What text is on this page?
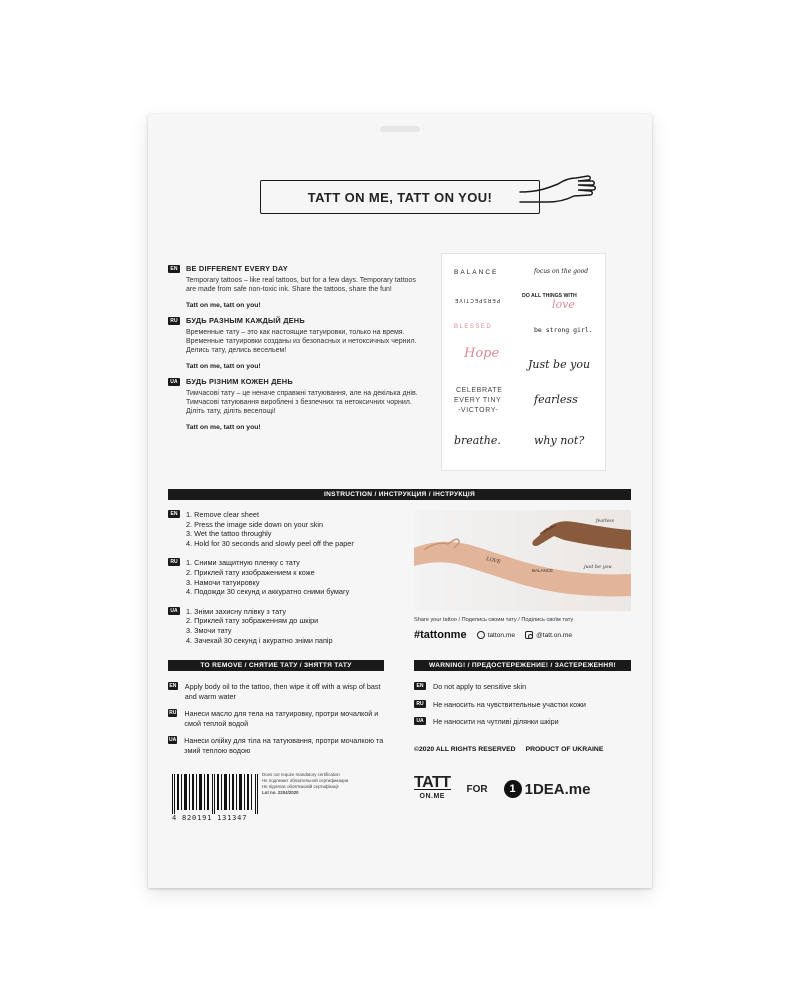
TATT ON ME, TATT ON YOU!
EN	BE DIFFERENT EVERY DAY
Temporary tattoos – like real tattoos, but for a few days. Temporary tattoos are made from safe non-toxic ink. Share the tattoos, share the fun!
Tatt on me, tatt on you!
RU БУДЬ РАЗНЫМ КАЖДЫЙ ДЕНЬ
Временные тату – это как настоящие татуировки, только на время. Временные татуировки созданы из безопасных и нетоксичных чернил. Делись тату, делись весельем!
Tatt on me, tatt on you!
UA БУДЬ РІЗНИМ КОЖЕН ДЕНЬ
Тимчасові тату – це неначе справжні татуювання, але на декілька днів. Тимчасові татуювання вироблені з безпечних та нетоксичних чорнил. Діліть тату, діліть веселощі!
Tatt on me, tatt on you!
BALANCE	focus on the good
PERSPECTIVE
DO ALL THINGS WITH
love
BLESSED	be strong girl.
Hope
Just be you
CELEBRATE
EVERY TINY
-VICTORY-
fearless
breathe.	why not?
INSTRUCTION / ИНСТРУКЦИЯ / ІНСТРУКЦІЯ
EN	1. Remove clear sheet
2. Press the image side down on your skin
3. Wet the tattoo throughly
4. Hold for 30 seconds and slowly peel off the paper
RU	1. Сними защитную пленку с тату
2. Приклей тату изображением к коже
3. Намочи татуировку
4. Подожди 30 секунд и аккуратно сними бумагу
UA	1. Зніми захисну плівку з тату
2. Приклей тату зображенням до шкіри
3. Змочи тату
4. Зачекай 30 секунд і акуратно зніми папір
LOVE
just be you
BALANCE
fearless
Share your tattoo / Поделись своим тату / Поділись своїм тату
#tattonme	tatton.me	@tatt.on.me
TO REMOVE / СНЯТИЕ ТАТУ / ЗНЯТТЯ ТАТУ
EN Apply body oil to the tattoo, then wipe it off with a wisp of bast and warm water
RU Нанеси масло для тела на татуировку, протри мочалкой и смой теплой водой
UA Нанеси олійку для тіла на татуювання, протри мочалкою та змий теплою водою
WARNING! / ПРЕДОСТЕРЕЖЕНИЕ! / ЗАСТЕРЕЖЕННЯ!
EN	Do not apply to sensitive skin
RU	Не наносить на чувствительные участки кожи
UA	Не наносити на чутливі ділянки шкіри
©2020 ALL RIGHTS RESERVED PRODUCT OF UKRAINE
4 820191 131347
Does not require mandatory certification
Не подлежит обязательной сертификации
Не підлягає обов'язковій сертифікації
Lot no. 2204/2020
TATT
ON.ME
FOR	1 1DEA.me
